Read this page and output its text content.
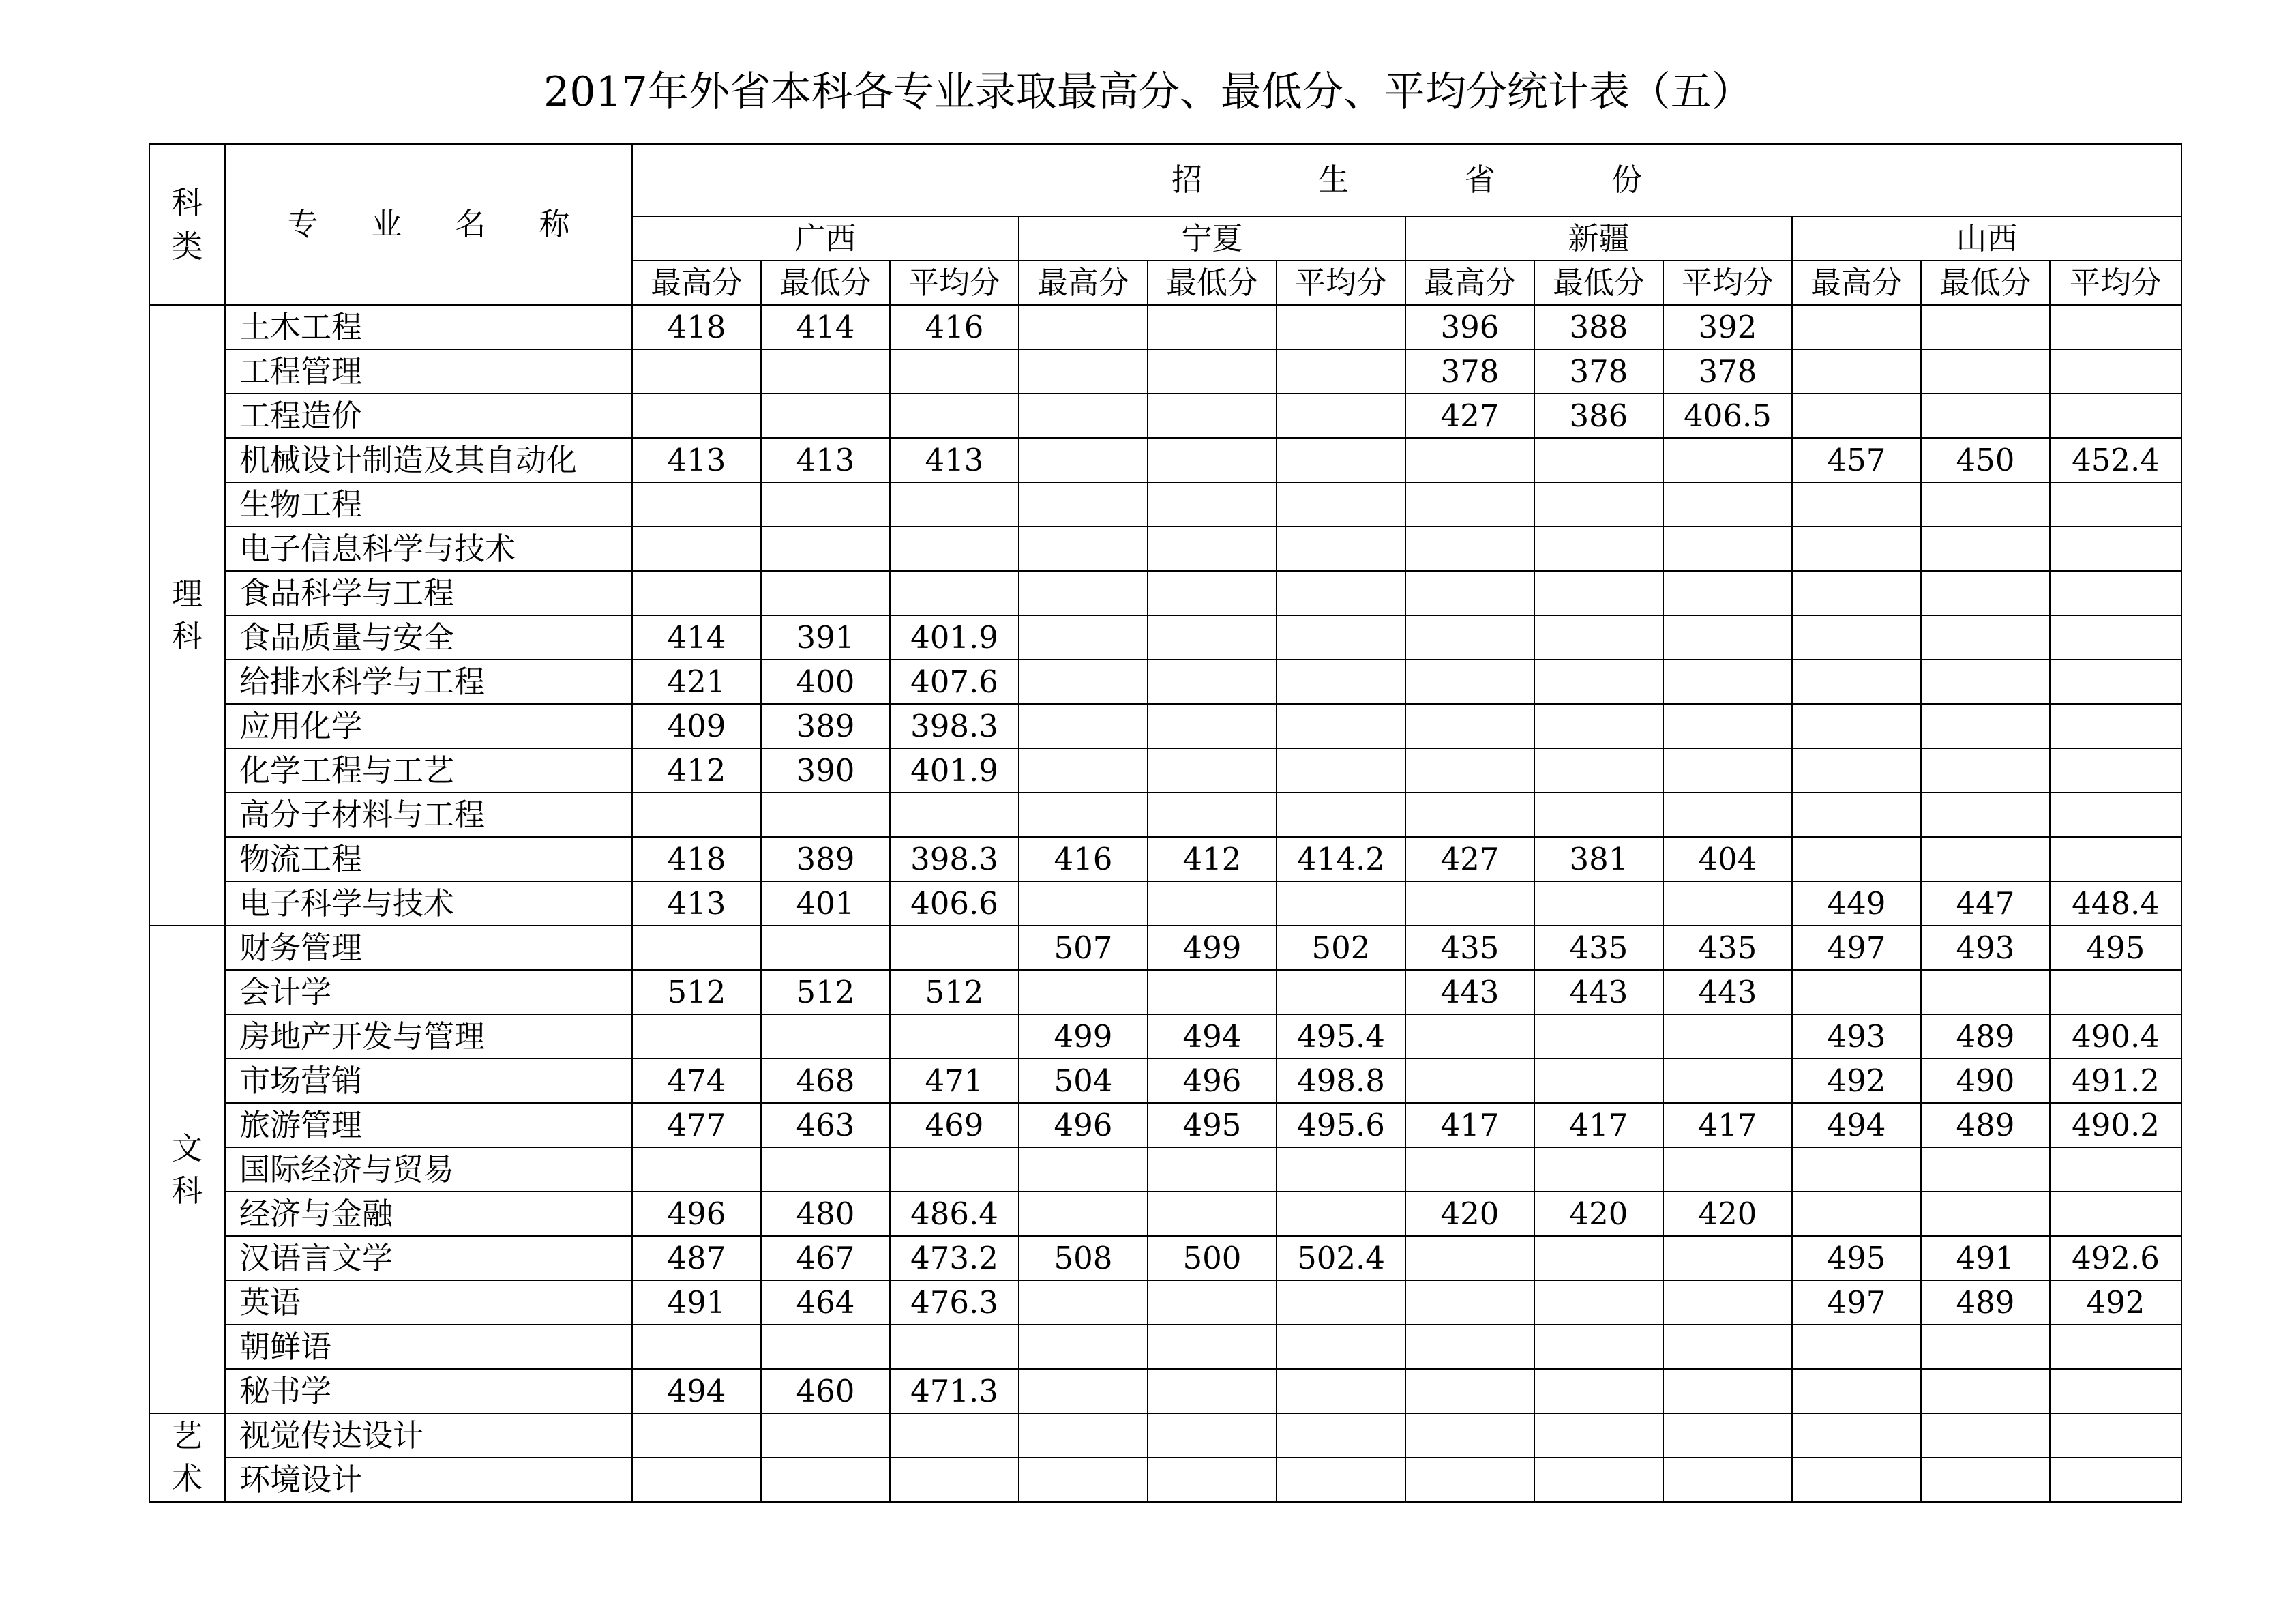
2017年外省本科各专业录取最高分、最低分、平均分统计表（五）
科
类	专 业 名 称	招 生 省 份											
		广西			宁夏			新疆			山西		
		最高分	最低分	平均分	最高分	最低分	平均分	最高分	最低分	平均分	最高分	最低分	平均分

理
科	土木工程	418	414	416				396	388	392			
	工程管理							378	378	378			
	工程造价							427	386	406.5			
	机械设计制造及其自动化	413	413	413							457	450	452.4
	生物工程												
	电子信息科学与技术												
	食品科学与工程												
	食品质量与安全	414	391	401.9									
	给排水科学与工程	421	400	407.6									
	应用化学	409	389	398.3									
	化学工程与工艺	412	390	401.9									
	高分子材料与工程												
	物流工程	418	389	398.3	416	412	414.2	427	381	404			
	电子科学与技术	413	401	406.6							449	447	448.4

文
科	财务管理				507	499	502	435	435	435	497	493	495
	会计学	512	512	512				443	443	443			
	房地产开发与管理				499	494	495.4				493	489	490.4
	市场营销	474	468	471	504	496	498.8				492	490	491.2
	旅游管理	477	463	469	496	495	495.6	417	417	417	494	489	490.2
	国际经济与贸易												
	经济与金融	496	480	486.4				420	420	420			
	汉语言文学	487	467	473.2	508	500	502.4				495	491	492.6
	英语	491	464	476.3							497	489	492
	朝鲜语												
	秘书学	494	460	471.3									

艺
术	视觉传达设计												
	环境设计												
